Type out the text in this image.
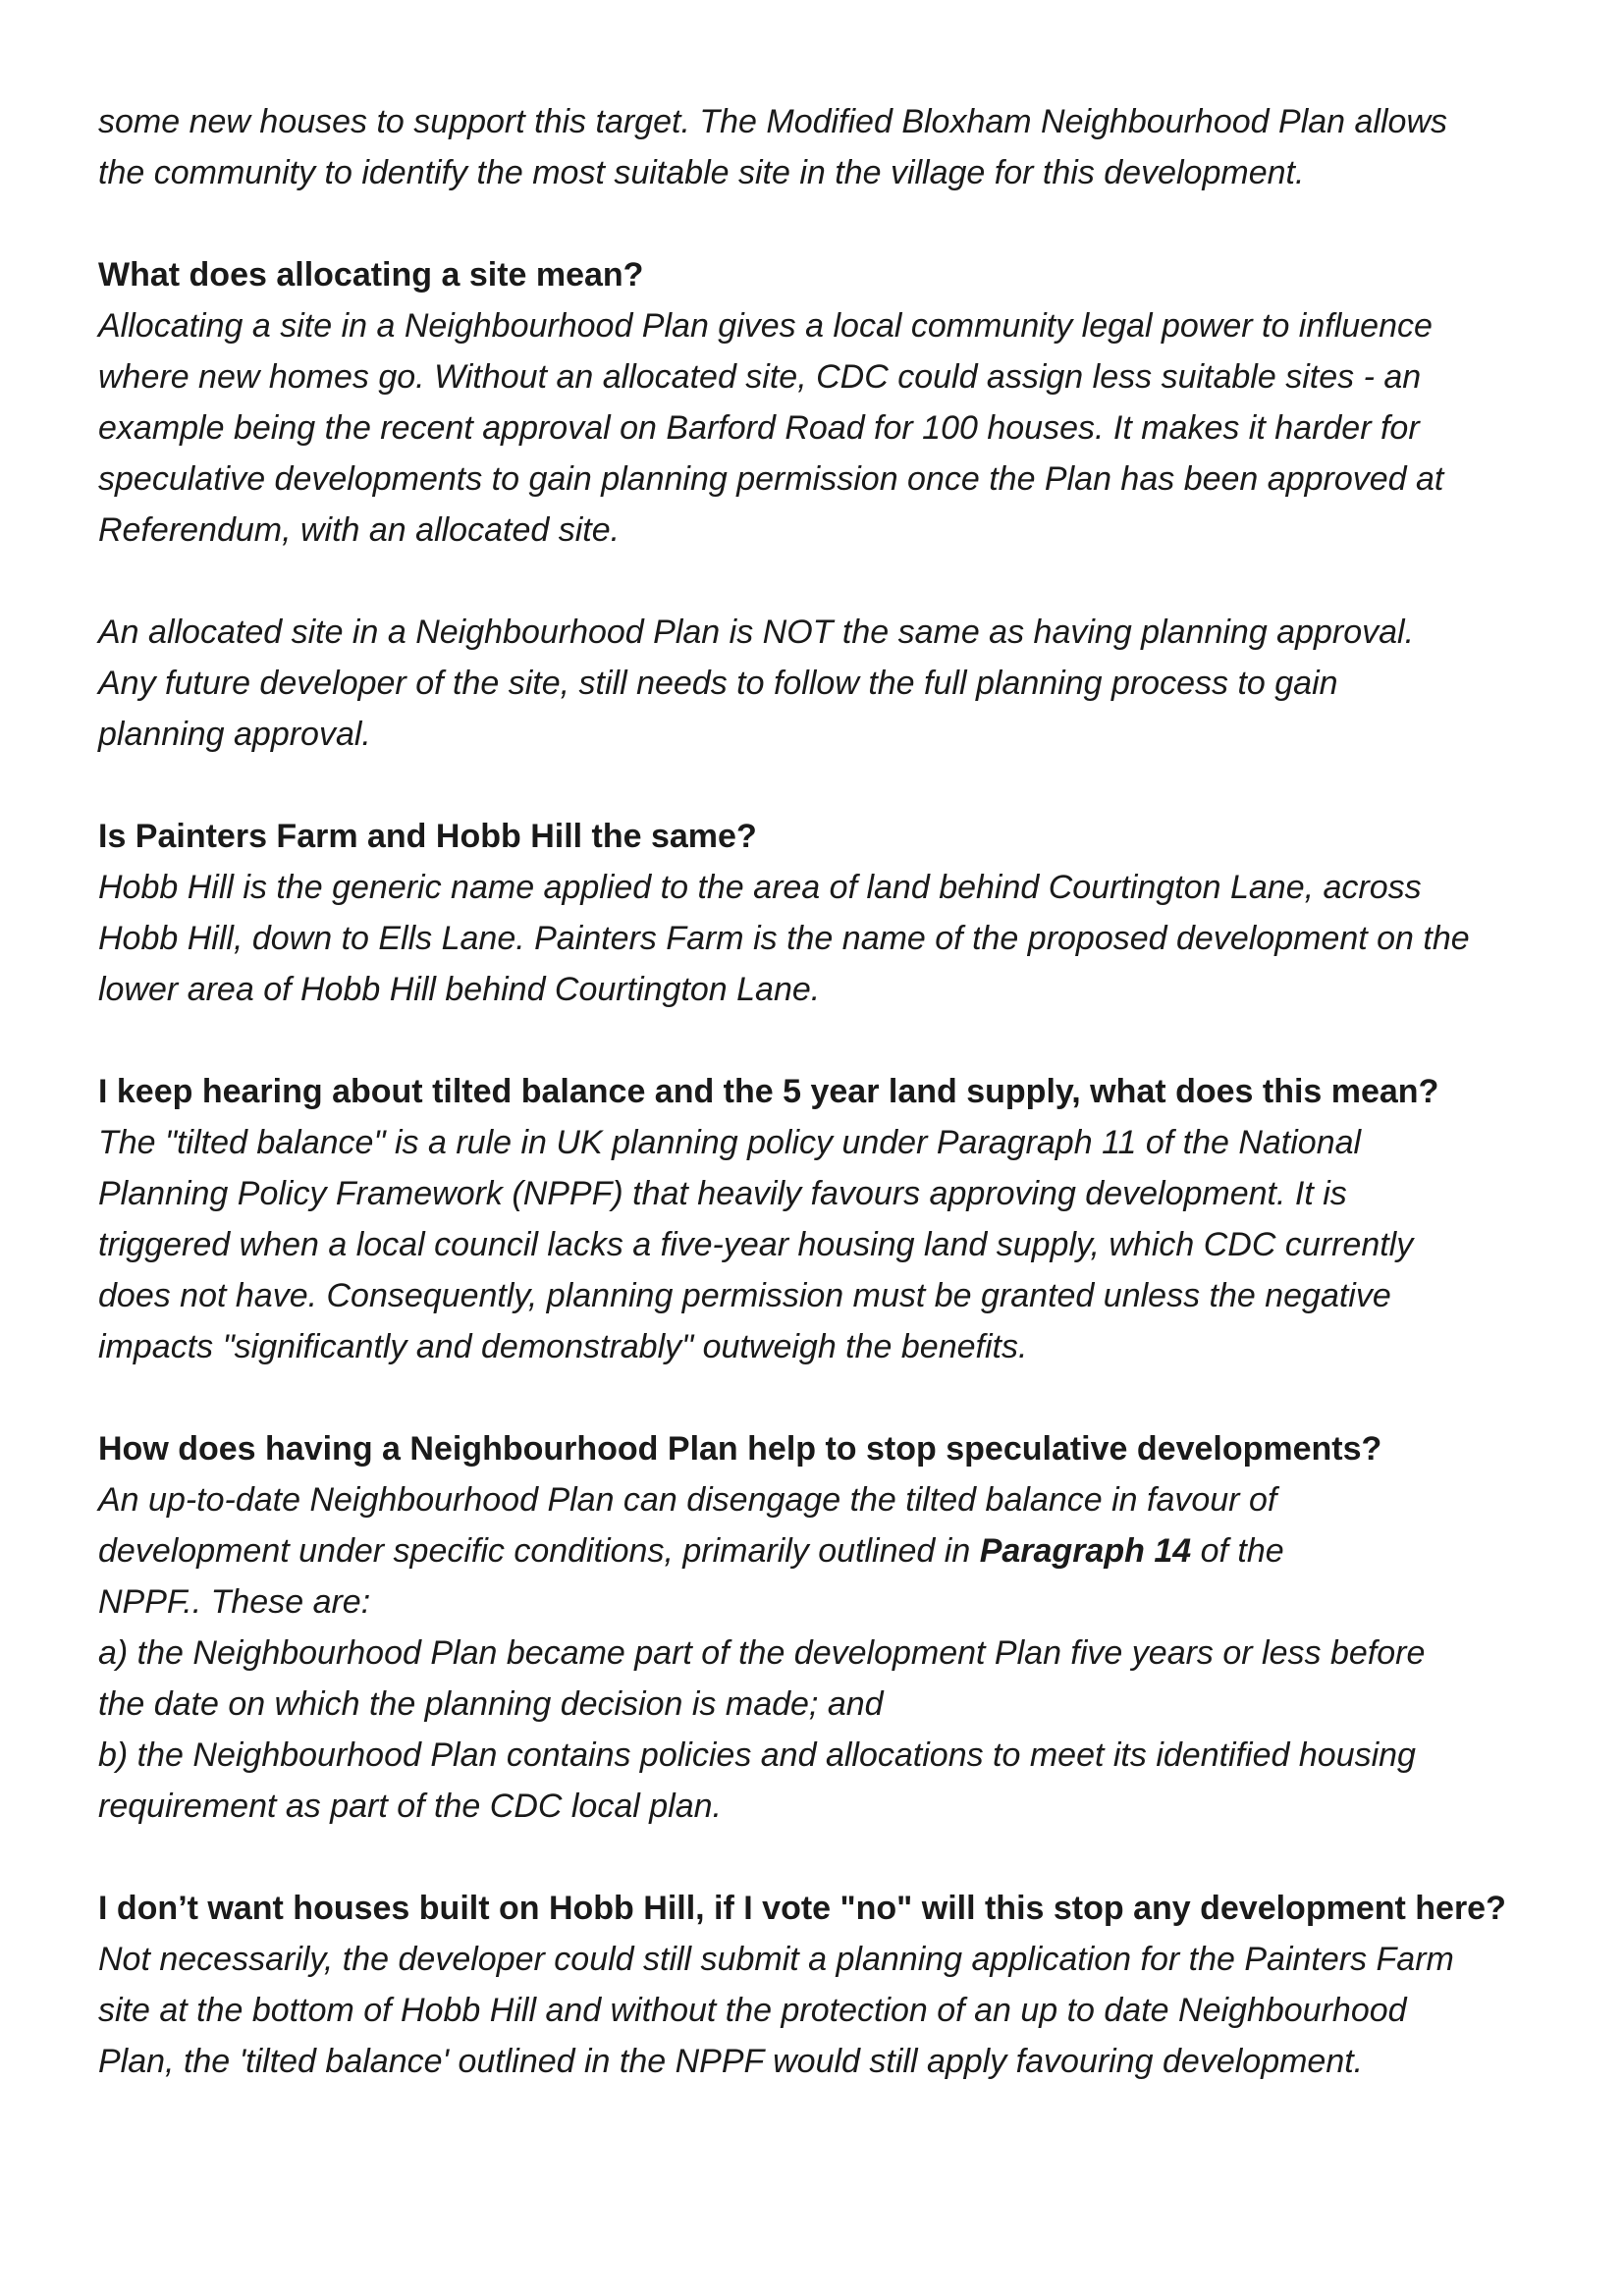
some new houses to support this target. The Modified Bloxham Neighbourhood Plan allows
the community to identify the most suitable site in the village for this development.
What does allocating a site mean?
Allocating a site in a Neighbourhood Plan gives a local community legal power to influence
where new homes go. Without an allocated site, CDC could assign less suitable sites - an
example being the recent approval on Barford Road for 100 houses. It makes it harder for
speculative developments to gain planning permission once the Plan has been approved at
Referendum, with an allocated site.
An allocated site in a Neighbourhood Plan is NOT the same as having planning approval.
Any future developer of the site, still needs to follow the full planning process to gain
planning approval.
Is Painters Farm and Hobb Hill the same?
Hobb Hill is the generic name applied to the area of land behind Courtington Lane, across
Hobb Hill, down to Ells Lane. Painters Farm is the name of the proposed development on the
lower area of Hobb Hill behind Courtington Lane.
I keep hearing about tilted balance and the 5 year land supply, what does this mean?
The "tilted balance" is a rule in UK planning policy under Paragraph 11 of the National
Planning Policy Framework (NPPF) that heavily favours approving development. It is
triggered when a local council lacks a five-year housing land supply, which CDC currently
does not have. Consequently, planning permission must be granted unless the negative
impacts "significantly and demonstrably" outweigh the benefits.
How does having a Neighbourhood Plan help to stop speculative developments?
An up-to-date Neighbourhood Plan can disengage the tilted balance in favour of
development under specific conditions, primarily outlined in Paragraph 14 of the
NPPF.. These are:
a) the Neighbourhood Plan became part of the development Plan five years or less before
the date on which the planning decision is made; and
b) the Neighbourhood Plan contains policies and allocations to meet its identified housing
requirement as part of the CDC local plan.
I don’t want houses built on Hobb Hill, if I vote "no" will this stop any development here?
Not necessarily, the developer could still submit a planning application for the Painters Farm
site at the bottom of Hobb Hill and without the protection of an up to date Neighbourhood
Plan, the 'tilted balance' outlined in the NPPF would still apply favouring development.
